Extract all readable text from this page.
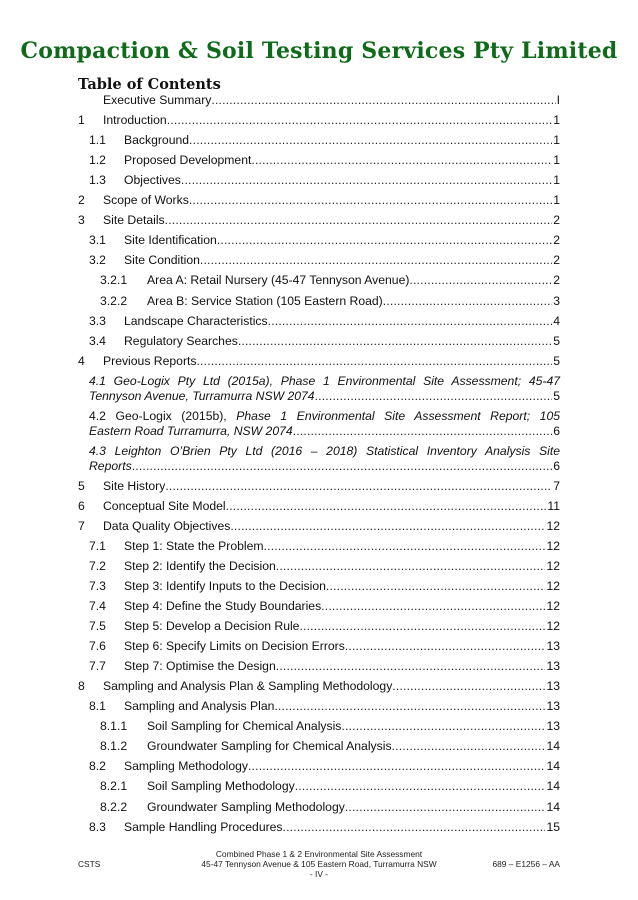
Compaction & Soil Testing Services Pty Limited
Table of Contents
Executive Summary . . .	I
1	Introduction . . .	1
1.1	Background . . .	1
1.2	Proposed Development . . .	1
1.3	Objectives . . .	1
2	Scope of Works . . .	1
3	Site Details . . .	2
3.1	Site Identification . . .	2
3.2	Site Condition . . .	2
3.2.1	Area A: Retail Nursery (45-47 Tennyson Avenue) . . .	2
3.2.2	Area B: Service Station (105 Eastern Road) . . .	3
3.3	Landscape Characteristics . . .	4
3.4	Regulatory Searches . . .	5
4	Previous Reports . . .	5
4.1 Geo-Logix Pty Ltd (2015a), Phase 1 Environmental Site Assessment; 45-47
Tennyson Avenue, Turramurra NSW 2074 . . .	5
4.2 Geo-Logix (2015b), Phase 1 Environmental Site Assessment Report; 105
Eastern Road Turramurra, NSW 2074 . . .	6
4.3 Leighton O’Brien Pty Ltd (2016 – 2018) Statistical Inventory Analysis Site
Reports . . .	6
5	Site History . . .	7
6	Conceptual Site Model . . .	11
7	Data Quality Objectives . . .	12
7.1	Step 1: State the Problem . . .	12
7.2	Step 2: Identify the Decision . . .	12
7.3	Step 3: Identify Inputs to the Decision . . .	12
7.4	Step 4: Define the Study Boundaries . . .	12
7.5	Step 5: Develop a Decision Rule . . .	12
7.6	Step 6: Specify Limits on Decision Errors . . .	13
7.7	Step 7: Optimise the Design . . .	13
8	Sampling and Analysis Plan & Sampling Methodology . . .	13
8.1	Sampling and Analysis Plan . . .	13
8.1.1	Soil Sampling for Chemical Analysis . . .	13
8.1.2	Groundwater Sampling for Chemical Analysis . . .	14
8.2	Sampling Methodology . . .	14
8.2.1	Soil Sampling Methodology . . .	14
8.2.2	Groundwater Sampling Methodology . . .	14
8.3	Sample Handling Procedures . . .	15
Combined Phase 1 & 2 Environmental Site Assessment
45-47 Tennyson Avenue & 105 Eastern Road, Turramurra NSW
- IV -
CSTS	689 – E1256 – AA
